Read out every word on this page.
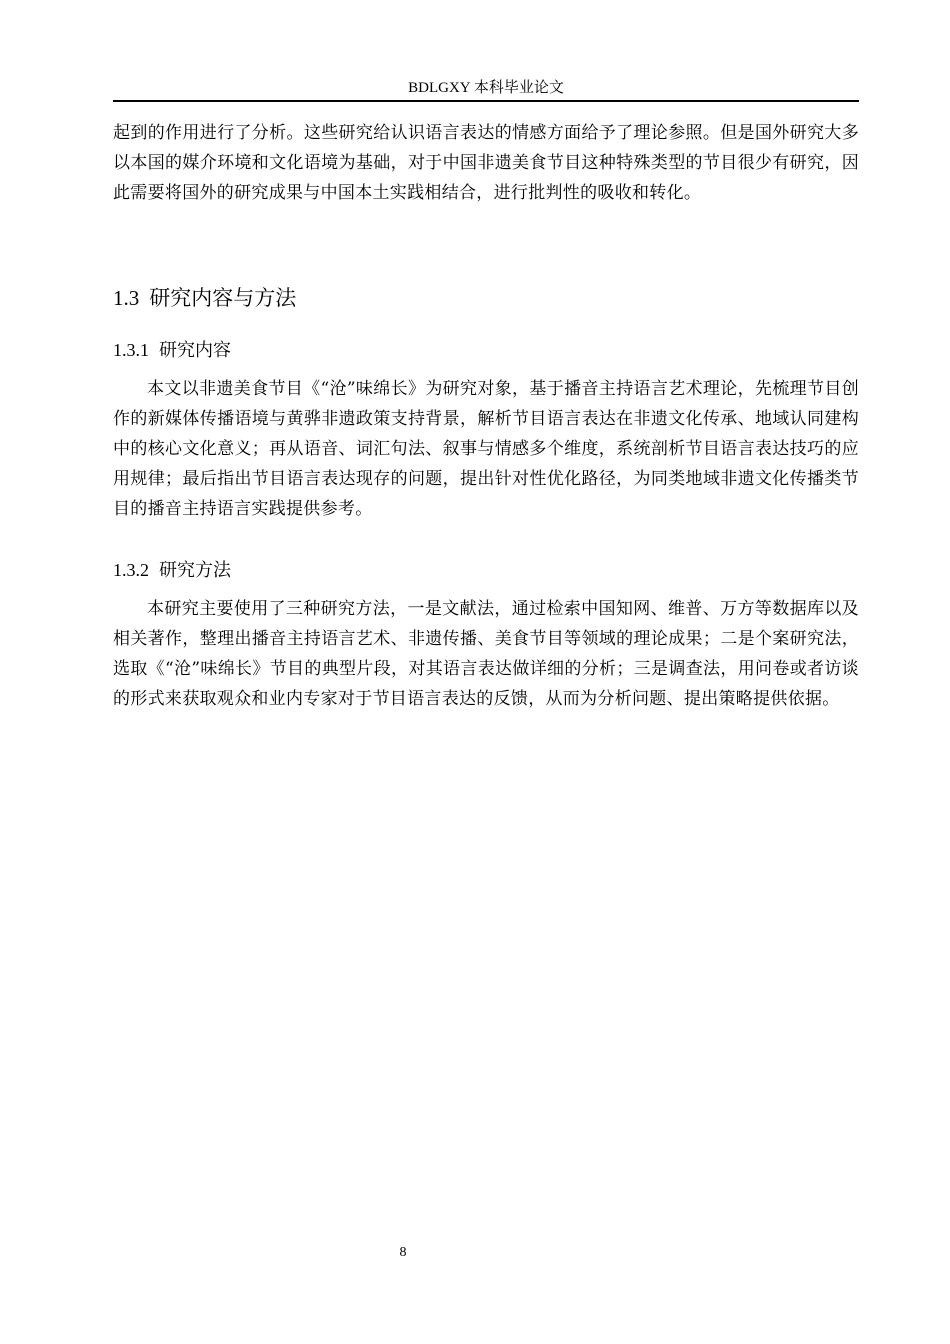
BDLGXY 本科毕业论文

起到的作用进行了分析。这些研究给认识语言表达的情感方面给予了理论参照。但是国外研究大多以本国的媒介环境和文化语境为基础，对于中国非遗美食节目这种特殊类型的节目很少有研究，因此需要将国外的研究成果与中国本土实践相结合，进行批判性的吸收和转化。

1.3 研究内容与方法
1.3.1 研究内容

本文以非遗美食节目《“沧”味绵长》为研究对象，基于播音主持语言艺术理论，先梳理节目创作的新媒体传播语境与黄骅非遗政策支持背景，解析节目语言表达在非遗文化传承、地域认同建构中的核心文化意义；再从语音、词汇句法、叙事与情感多个维度，系统剖析节目语言表达技巧的应用规律；最后指出节目语言表达现存的问题，提出针对性优化路径，为同类地域非遗文化传播类节目的播音主持语言实践提供参考。

1.3.2 研究方法

本研究主要使用了三种研究方法，一是文献法，通过检索中国知网、维普、万方等数据库以及相关著作，整理出播音主持语言艺术、非遗传播、美食节目等领域的理论成果；二是个案研究法，选取《“沧”味绵长》节目的典型片段，对其语言表达做详细的分析；三是调查法，用问卷或者访谈的形式来获取观众和业内专家对于节目语言表达的反馈，从而为分析问题、提出策略提供依据。

8
